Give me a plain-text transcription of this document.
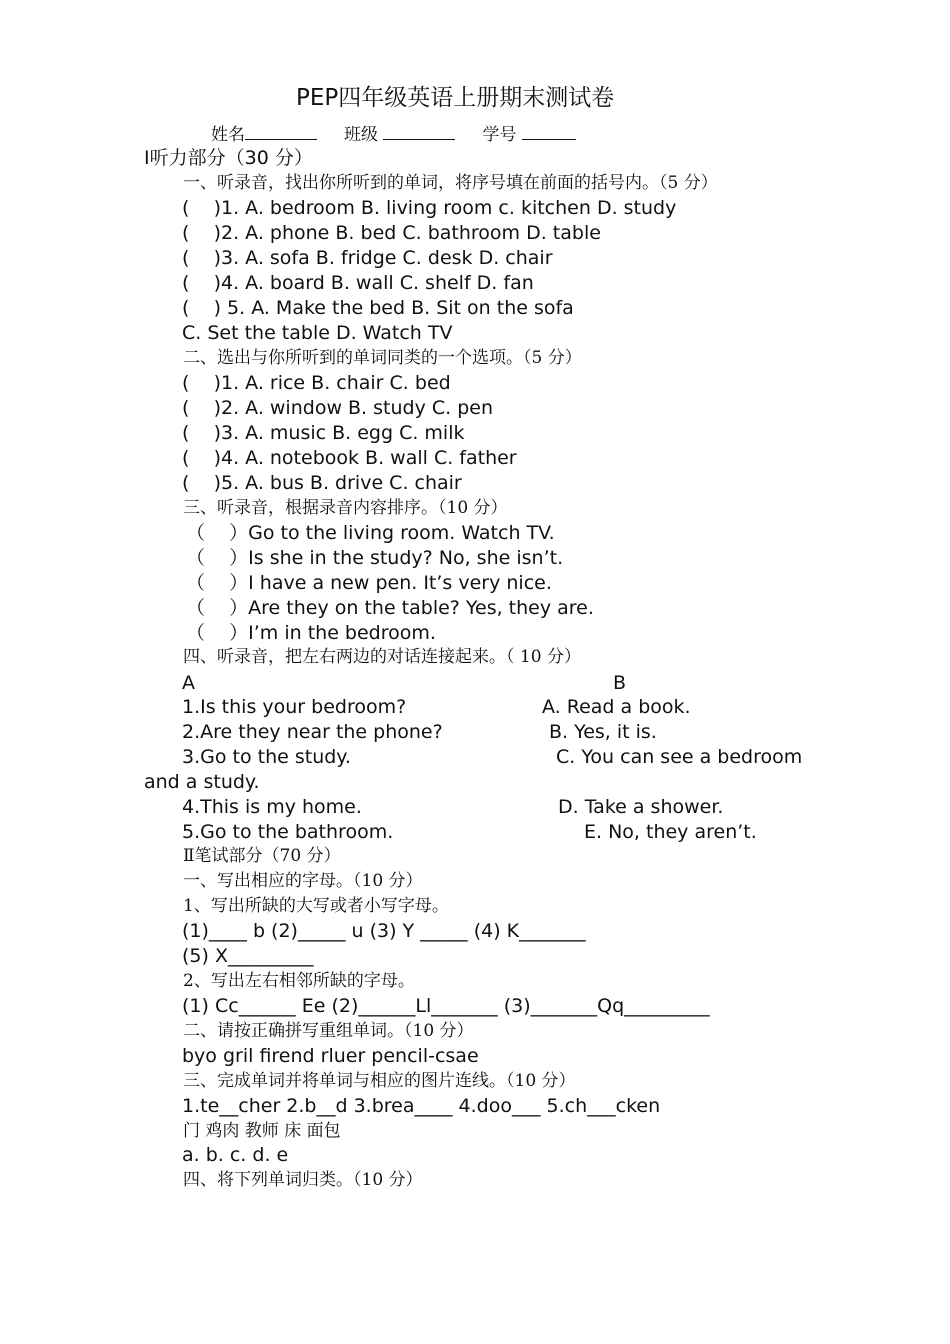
PEP四年级英语上册期末测试卷
姓名	班级	学号
Ⅰ听力部分（30 分）
一、听录音，找出你所听到的单词，将序号填在前面的括号内。（5 分）
(    )1. A. bedroom B. living room c. kitchen D. study
(    )2. A. phone B. bed C. bathroom D. table
(    )3. A. sofa B. fridge C. desk D. chair
(    )4. A. board B. wall C. shelf D. fan
(    ) 5. A. Make the bed B. Sit on the sofa
C. Set the table D. Watch TV
二、选出与你所听到的单词同类的一个选项。（5 分）
(    )1. A. rice B. chair C. bed
(    )2. A. window B. study C. pen
(    )3. A. music B. egg C. milk
(    )4. A. notebook B. wall C. father
(    )5. A. bus B. drive C. chair
三、听录音，根据录音内容排序。（10 分）
（    ）Go to the living room. Watch TV.
（    ）Is she in the study? No, she isn’t.
（    ）I have a new pen. It’s very nice.
（    ）Are they on the table? Yes, they are.
（    ）I’m in the bedroom.
四、听录音，把左右两边的对话连接起来。（ 10 分）
A	B
1.Is this your bedroom?	A. Read a book.
2.Are they near the phone?	B. Yes, it is.
3.Go to the study.	C. You can see a bedroom
and a study.
4.This is my home.	D. Take a shower.
5.Go to the bathroom.	E. No, they aren’t.
Ⅱ笔试部分（70 分）
一、写出相应的字母。（10 分）
1、写出所缺的大写或者小写字母。
(1)____ b (2)_____ u (3) Y _____ (4) K_______
(5) X_________
2、写出左右相邻所缺的字母。
(1) Cc______ Ee (2)______Ll_______ (3)_______Qq_________
二、请按正确拼写重组单词。（10 分）
byo gril firend rluer pencil-csae
三、完成单词并将单词与相应的图片连线。（10 分）
1.te__cher 2.b__d 3.brea____ 4.doo___ 5.ch___cken
门 鸡肉 教师 床 面包
a. b. c. d. e
四、将下列单词归类。（10 分）
